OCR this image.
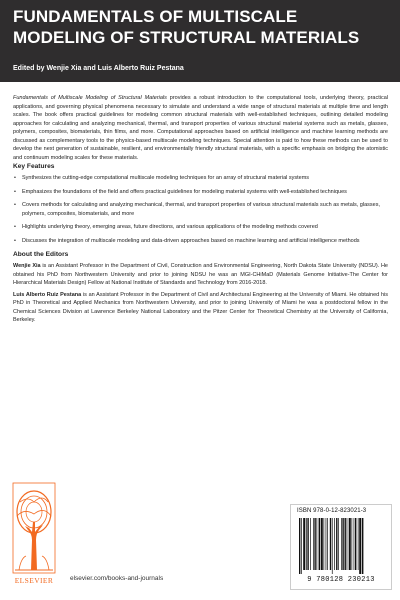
FUNDAMENTALS OF MULTISCALE MODELING OF STRUCTURAL MATERIALS

Edited by Wenjie Xia and Luis Alberto Ruiz Pestana

Fundamentals of Multiscale Modeling of Structural Materials provides a robust introduction to the computational tools, underlying theory, practical applications, and governing physical phenomena necessary to simulate and understand a wide range of structural materials at multiple time and length scales. The book offers practical guidelines for modeling common structural materials with well-established techniques, outlining detailed modeling approaches for calculating and analyzing mechanical, thermal, and transport properties of various structural material systems such as metals, glasses, polymers, composites, biomaterials, thin films, and more. Computational approaches based on artificial intelligence and machine learning methods are discussed as complementary tools to the physics-based multiscale modeling techniques. Special attention is paid to how these methods can be used to develop the next generation of sustainable, resilient, and environmentally friendly structural materials, with a specific emphasis on bridging the atomistic and continuum modeling scales for these materials.

Key Features
• Synthesizes the cutting-edge computational multiscale modeling techniques for an array of structural material systems
• Emphasizes the foundations of the field and offers practical guidelines for modeling material systems with well-established techniques
• Covers methods for calculating and analyzing mechanical, thermal, and transport properties of various structural materials such as metals, glasses, polymers, composites, biomaterials, and more
• Highlights underlying theory, emerging areas, future directions, and various applications of the modeling methods covered
• Discusses the integration of multiscale modeling and data-driven approaches based on machine learning and artificial intelligence methods
About the Editors

Wenjie Xia is an Assistant Professor in the Department of Civil, Construction and Environmental Engineering, North Dakota State University (NDSU). He obtained his PhD from Northwestern University and prior to joining NDSU he was an MGI-CHiMaD (Materials Genome Initiative-The Center for Hierarchical Materials Design) Fellow at National Institute of Standards and Technology from 2016-2018.

Luis Alberto Ruiz Pestana is an Assistant Professor in the Department of Civil and Architectural Engineering at the University of Miami. He obtained his PhD in Theoretical and Applied Mechanics from Northwestern University, and prior to joining University of Miami he was a postdoctoral fellow in the Chemical Sciences Division at Lawrence Berkeley National Laboratory and the Pitzer Center for Theoretical Chemistry at the University of California, Berkeley.

ELSEVIER	elsevier.com/books-and-journals
ISBN 978-0-12-823021-3
9 780128 230213
